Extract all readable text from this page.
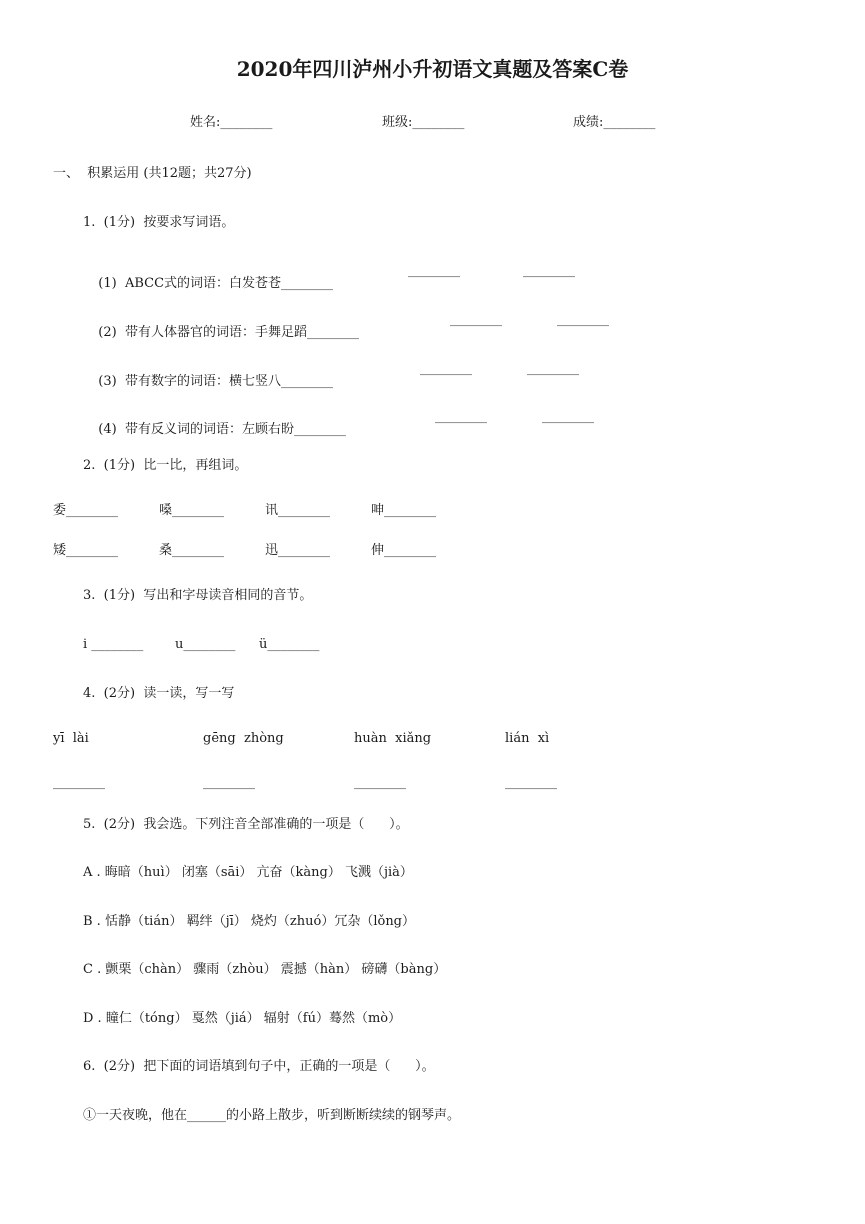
2020年四川泸州小升初语文真题及答案C卷
姓名:________	班级:________	成绩:________
一、  积累运用 (共12题；共27分)
1.  (1分)  按要求写词语。

(1)  ABCC式的词语：白发苍苍________

________	________

(2)  带有人体器官的词语：手舞足蹈________

________	________

(3)  带有数字的词语：横七竖八________

________	________

(4)  带有反义词的词语：左顾右盼________

________	________
2.  (1分)  比一比，再组词。
委________	嗓________	讯________	呻________
矮________	桑________	迅________	伸________
3.  (1分)  写出和字母读音相同的音节。
i ________ u________ ü________
4.  (2分)  读一读，写一写
yī  lài	gēng  zhòng	huàn  xiǎng	lián  xì
________	________	________	________
5.  (2分)  我会选。下列注音全部准确的一项是（      ）。
A . 晦暗（huì） 闭塞（sāi） 亢奋（kàng） 飞溅（jià）
B . 恬静（tián） 羁绊（jī） 烧灼（zhuó）冗杂（lǒng）
C . 颤栗（chàn） 骤雨（zhòu） 震撼（hàn） 磅礴（bàng）
D . 瞳仁（tóng） 戛然（jiá） 辐射（fú）蓦然（mò）
6.  (2分)  把下面的词语填到句子中，正确的一项是（      ）。
①一天夜晚，他在______的小路上散步，听到断断续续的钢琴声。
